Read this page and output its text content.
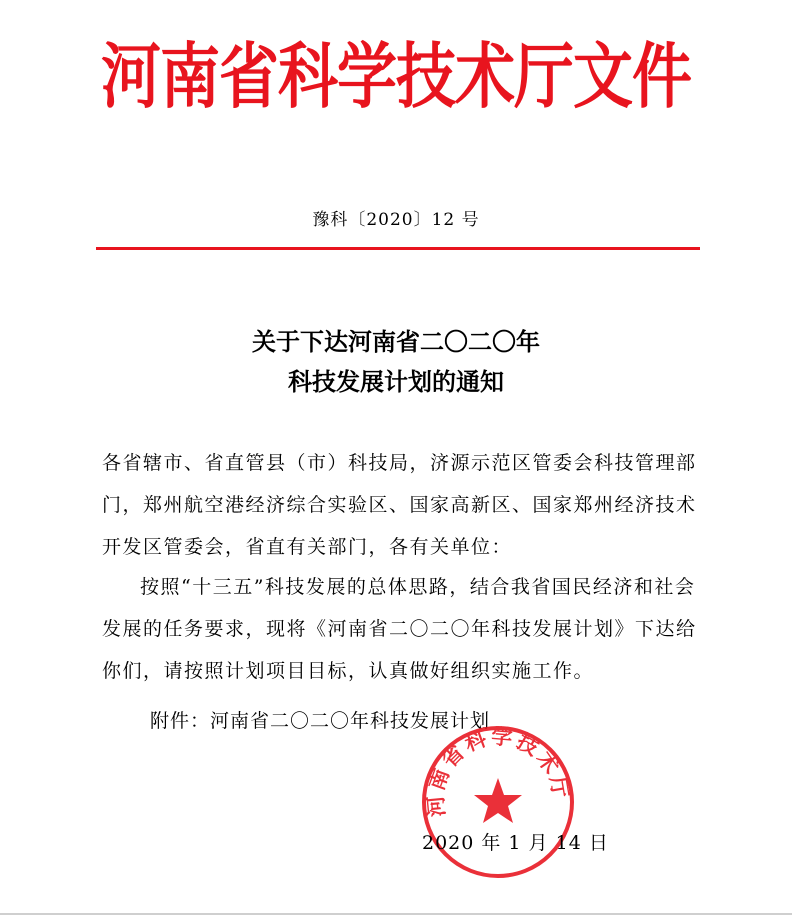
河南省科学技术厅文件
豫科〔2020〕12 号
关于下达河南省二〇二〇年
科技发展计划的通知
各省辖市、省直管县（市）科技局，济源示范区管委会科技管理部门，郑州航空港经济综合实验区、国家高新区、国家郑州经济技术开发区管委会，省直有关部门，各有关单位：
按照“十三五”科技发展的总体思路，结合我省国民经济和社会发展的任务要求，现将《河南省二〇二〇年科技发展计划》下达给你们，请按照计划项目目标，认真做好组织实施工作。
附件：河南省二〇二〇年科技发展计划
河南省科学技术厅
2020 年 1 月 14 日
